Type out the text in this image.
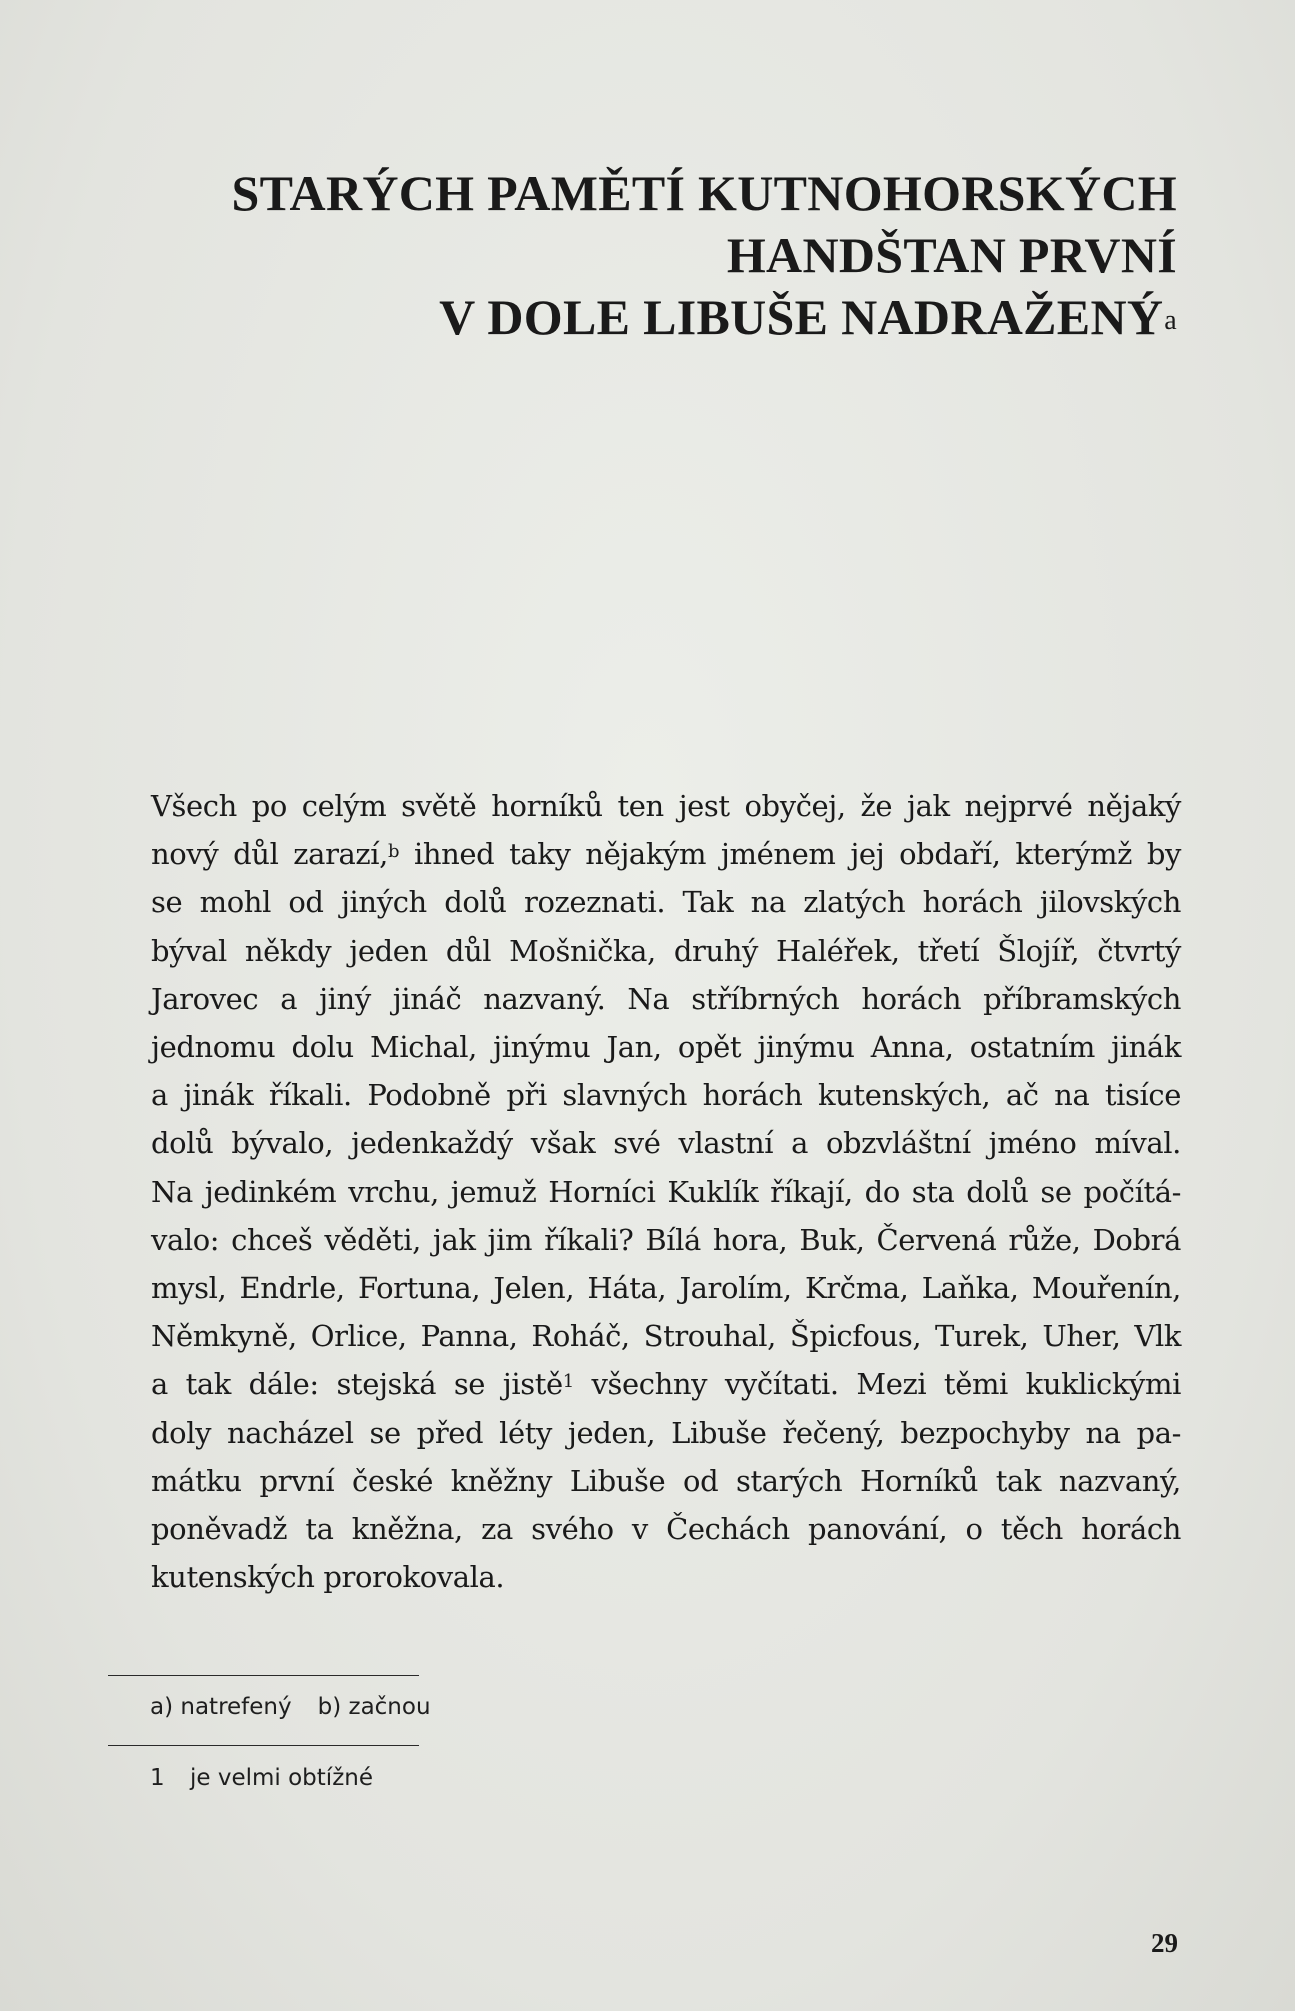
STARÝCH PAMĚTÍ KUTNOHORSKÝCH
HANDŠTAN PRVNÍ
V DOLE LIBUŠE NADRAŽENÝ$^a$
Všech po celým světě horníků ten jest obyčej, že jak nejprvé nějaký
nový důl zarazí,$^b$ ihned taky nějakým jménem jej obdaří, kterýmž by
se mohl od jiných dolů rozeznati. Tak na zlatých horách jilovských
býval někdy jeden důl Mošnička, druhý Haléřek, třetí Šlojíř, čtvrtý
Jarovec a jiný jináč nazvaný. Na stříbrných horách příbramských
jednomu dolu Michal, jinýmu Jan, opět jinýmu Anna, ostatním jinák
a jinák říkali. Podobně při slavných horách kutenských, ač na tisíce
dolů bývalo, jedenkaždý však své vlastní a obzvláštní jméno míval.
Na jedinkém vrchu, jemuž Horníci Kuklík říkají, do sta dolů se počítá-
valo: chceš věděti, jak jim říkali? Bílá hora, Buk, Červená růže, Dobrá
mysl, Endrle, Fortuna, Jelen, Háta, Jarolím, Krčma, Laňka, Mouřenín,
Němkyně, Orlice, Panna, Roháč, Strouhal, Špicfous, Turek, Uher, Vlk
a tak dále: stejská se jistě$^1$ všechny vyčítati. Mezi těmi kuklickými
doly nacházel se před léty jeden, Libuše řečený, bezpochyby na pa-
mátku první české kněžny Libuše od starých Horníků tak nazvaný,
poněvadž ta kněžna, za svého v Čechách panování, o těch horách
kutenských prorokovala.
a) natrefený b) začnou
1 je velmi obtížné
29
